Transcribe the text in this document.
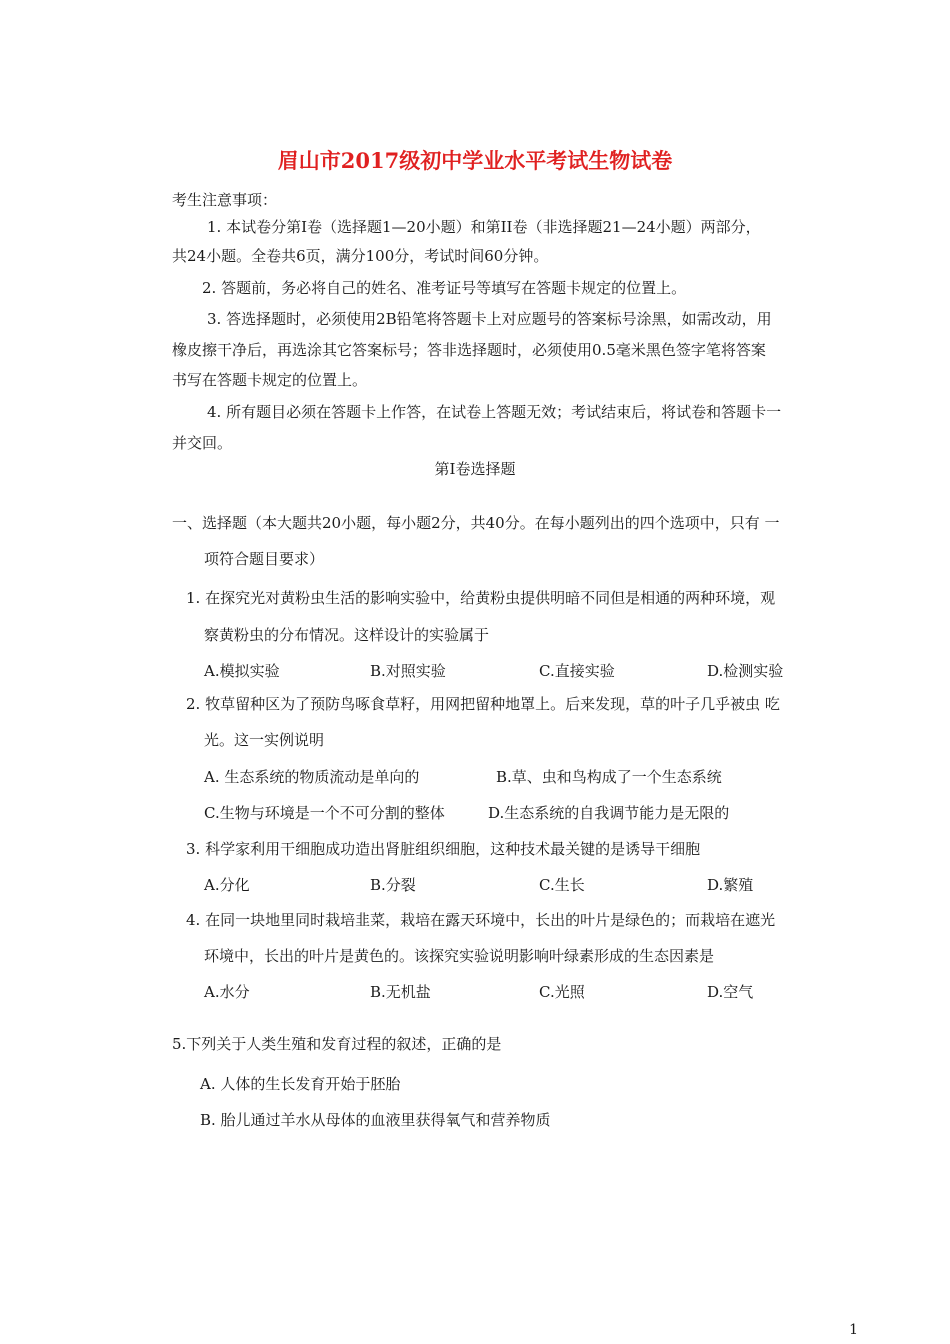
眉山市2017级初中学业水平考试生物试卷
考生注意事项：
1. 本试卷分第Ⅰ卷（选择题1—20小题）和第II卷（非选择题21—24小题）两部分，
共24小题。全卷共6页，满分100分，考试时间60分钟。
2. 答题前，务必将自己的姓名、准考证号等填写在答题卡规定的位置上。
3. 答选择题时，必须使用2B铅笔将答题卡上对应题号的答案标号涂黑，如需改动，用
橡皮擦干净后，再选涂其它答案标号；答非选择题时，必须使用0.5毫米黑色签字笔将答案
书写在答题卡规定的位置上。
4. 所有题目必须在答题卡上作答，在试卷上答题无效；考试结束后，将试卷和答题卡一
并交回。
第Ⅰ卷选择题
一、选择题（本大题共20小题，每小题2分，共40分。在每小题列出的四个选项中，只有 一
项符合题目要求）
1. 在探究光对黄粉虫生活的影响实验中，给黄粉虫提供明暗不同但是相通的两种环境，观
察黄粉虫的分布情况。这样设计的实验属于
A.模拟实验	B.对照实验	C.直接实验	D.检测实验
2. 牧草留种区为了预防鸟啄食草籽，用网把留种地罩上。后来发现，草的叶子几乎被虫 吃
光。这一实例说明
A. 生态系统的物质流动是单向的	B.草、虫和鸟构成了一个生态系统
C.生物与环境是一个不可分割的整体	D.生态系统的自我调节能力是无限的
3. 科学家利用干细胞成功造出肾脏组织细胞，这种技术最关键的是诱导干细胞
A.分化	B.分裂	C.生长	D.繁殖
4. 在同一块地里同时栽培韭菜，栽培在露天环境中，长出的叶片是绿色的；而栽培在遮光
环境中，长出的叶片是黄色的。该探究实验说明影响叶绿素形成的生态因素是
A.水分	B.无机盐	C.光照	D.空气
5.下列关于人类生殖和发育过程的叙述，正确的是
A. 人体的生长发育开始于胚胎
B. 胎儿通过羊水从母体的血液里获得氧气和营养物质
1
